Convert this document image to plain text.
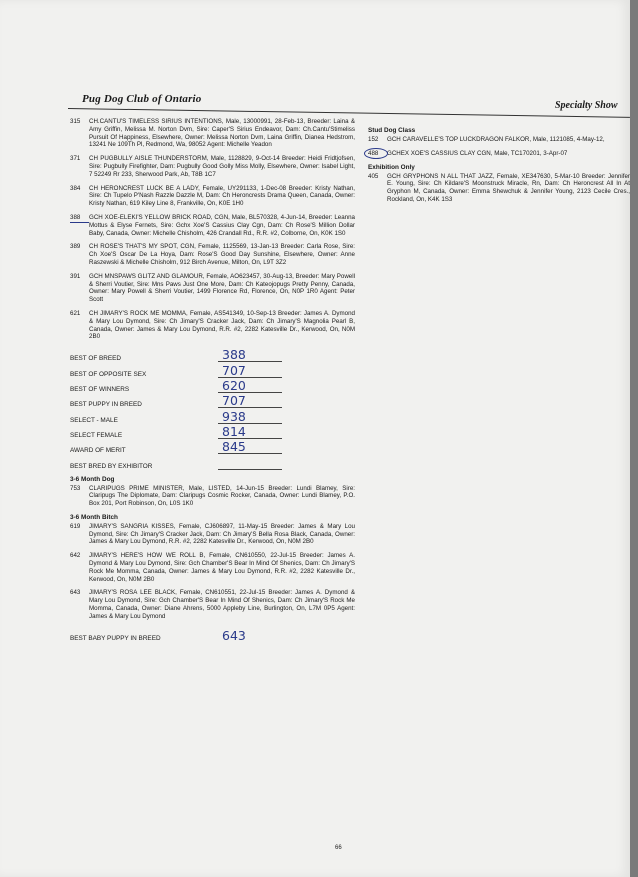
Pug Dog Club of Ontario
Specialty Show
315	CH.CANTU'S TIMELESS SIRIUS INTENTIONS, Male, 13000991, 28-Feb-13, Breeder: Laina & Amy Griffin, Melissa M. Norton Dvm, Sire: Caper'S Sirius Endeavor, Dam: Ch.Cantu'Stimeliss Pursuit Of Happiness, Elsewhere, Owner: Melissa Norton Dvm, Laina Griffin, Dianea Hedstrom, 13241 Ne 109Th Pl, Redmond, Wa, 98052 Agent: Michelle Yeadon
371	CH PUGBULLY AISLE THUNDERSTORM, Male, 1128829, 9-Oct-14 Breeder: Heidi Fridtjofsen, Sire: Pugbully Firefighter, Dam: Pugbully Good Golly Miss Molly, Elsewhere, Owner: Isabel Light, 7 52249 Rr 233, Sherwood Park, Ab, T8B 1C7
384	CH HERONCREST LUCK BE A LADY, Female, UY291133, 1-Dec-08 Breeder: Kristy Nathan, Sire: Ch Tupelo P'Nash Razzle Dazzle M, Dam: Ch Heroncrests Drama Queen, Canada, Owner: Kristy Nathan, 619 Kiley Line 8, Frankville, On, K0E 1H0
388	GCH XOE-ELEKI'S YELLOW BRICK ROAD, CGN, Male, BL570328, 4-Jun-14, Breeder: Leanna Mottus & Elyse Fernets, Sire: Gchx Xoe'S Cassius Clay Cgn, Dam: Ch Rose'S Million Dollar Baby, Canada, Owner: Michelle Chisholm, 426 Crandall Rd., R.R. #2, Colborne, On, K0K 1S0
389	CH ROSE'S THAT'S MY SPOT, CGN, Female, 1125569, 13-Jan-13 Breeder: Carla Rose, Sire: Ch Xoe'S Oscar De La Hoya, Dam: Rose'S Good Day Sunshine, Elsewhere, Owner: Anne Raszewski & Michelle Chisholm, 912 Birch Avenue, Milton, On, L9T 3Z2
391	GCH MNSPAWS GLITZ AND GLAMOUR, Female, AO623457, 30-Aug-13, Breeder: Mary Powell & Sherri Voutier, Sire: Mns Paws Just One More, Dam: Ch Kateojopugs Pretty Penny, Canada, Owner: Mary Powell & Sherri Voutier, 1499 Florence Rd, Florence, On, N0P 1R0 Agent: Peter Scott
621	CH JIMARY'S ROCK ME MOMMA, Female, AS541349, 10-Sep-13 Breeder: James A. Dymond & Mary Lou Dymond, Sire: Ch Jimary'S Cracker Jack, Dam: Ch Jimary'S Magnolia Pearl B, Canada, Owner: James & Mary Lou Dymond, R.R. #2, 2282 Katesville Dr., Kerwood, On, N0M 2B0
BEST OF BREED	388
BEST OF OPPOSITE SEX	707
BEST OF WINNERS	620
BEST PUPPY IN BREED	707
SELECT - MALE	938
SELECT FEMALE	814
AWARD OF MERIT	845
BEST BRED BY EXHIBITOR
3-6 Month Dog
753	CLARIPUGS PRIME MINISTER, Male, LISTED, 14-Jun-15 Breeder: Lundi Blamey, Sire: Claripugs The Diplomate, Dam: Claripugs Cosmic Rocker, Canada, Owner: Lundi Blamey, P.O. Box 201, Port Robinson, On, L0S 1K0
3-6 Month Bitch
619	JIMARY'S SANGRIA KISSES, Female, CJ606897, 11-May-15 Breeder: James & Mary Lou Dymond, Sire: Ch Jimary'S Cracker Jack, Dam: Ch Jimary'S Bella Rosa Black, Canada, Owner: James & Mary Lou Dymond, R.R. #2, 2282 Katesville Dr., Kerwood, On, N0M 2B0
642	JIMARY'S HERE'S HOW WE ROLL B, Female, CN610550, 22-Jul-15 Breeder: James A. Dymond & Mary Lou Dymond, Sire: Gch Chamber'S Bear In Mind Of Shenics, Dam: Ch Jimary'S Rock Me Momma, Canada, Owner: James & Mary Lou Dymond, R.R. #2, 2282 Katesville Dr., Kerwood, On, N0M 2B0
643	JIMARY'S ROSA LEE BLACK, Female, CN610551, 22-Jul-15 Breeder: James A. Dymond & Mary Lou Dymond, Sire: Gch Chamber'S Bear In Mind Of Shenics, Dam: Ch Jimary'S Rock Me Momma, Canada, Owner: Diane Ahrens, 5000 Appleby Line, Burlington, On, L7M 0P5 Agent: James & Mary Lou Dymond
BEST BABY PUPPY IN BREED	643
Stud Dog Class
152	GCH CARAVELLE'S TOP LUCKDRAGON FALKOR, Male, 1121085, 4-May-12,
488	GCHEX XOE'S CASSIUS CLAY CGN, Male, TC170201, 3-Apr-07
Exhibition Only
405	GCH GRYPHONS N ALL THAT JAZZ, Female, XE347630, 5-Mar-10 Breeder: Jennifer E. Young, Sire: Ch Kildare'S Moonstruck Miracle, Rn, Dam: Ch Heroncrest All In At Gryphon M, Canada, Owner: Emma Shewchuk & Jennifer Young, 2123 Cecile Cres., Rockland, On, K4K 1S3
66
